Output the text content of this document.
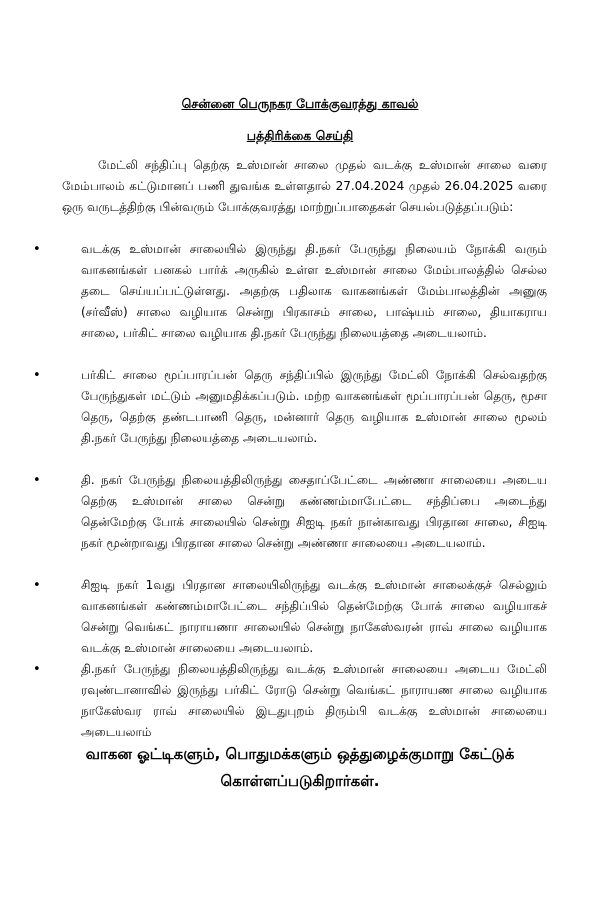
சென்னை பெருநகர போக்குவரத்து காவல்
பத்திரிக்கை செய்தி

மேட்லி சந்திப்பு தெற்கு உஸ்மான் சாலை முதல் வடக்கு உஸ்மான் சாலை வரை மேம்பாலம் கட்டுமானப் பணி துவங்க உள்ளதால் 27.04.2024 முதல் 26.04.2025 வரை ஒரு வருடத்திற்கு பின்வரும் போக்குவரத்து மாற்றுப்பாதைகள் செயல்படுத்தப்படும்:

•	வடக்கு உஸ்மான் சாலையில் இருந்து தி.நகர் பேருந்து நிலையம் நோக்கி வரும் வாகனங்கள் பனகல் பார்க் அருகில் உள்ள உஸ்மான் சாலை மேம்பாலத்தில் செல்ல தடை செய்யப்பட்டுள்ளது. அதற்கு பதிலாக வாகனங்கள் மேம்பாலத்தின் அனுகு (சர்வீஸ்) சாலை வழியாக சென்று பிரகாசம் சாலை, பாஷ்யம் சாலை, தியாகராய சாலை, பர்கிட் சாலை வழியாக தி.நகர் பேருந்து நிலையத்தை அடையலாம்.
•	பர்கிட் சாலை மூப்பாரப்பன் தெரு சந்திப்பில் இருந்து மேட்லி நோக்கி செல்வதற்கு பேருந்துகள் மட்டும் அனுமதிக்கப்படும். மற்ற வாகனங்கள் மூப்பாரப்பன் தெரு, மூசா தெரு, தெற்கு தண்டபாணி தெரு, மன்னார் தெரு வழியாக உஸ்மான் சாலை மூலம் தி.நகர் பேருந்து நிலையத்தை அடையலாம்.
•	தி. நகர் பேருந்து நிலையத்திலிருந்து சைதாப்பேட்டை அண்ணா சாலையை அடைய தெற்கு உஸ்மான் சாலை சென்று கண்ணம்மாபேட்டை சந்திப்பை அடைந்து தென்மேற்கு போக் சாலையில் சென்று சிஐடி நகர் நான்காவது பிரதான சாலை, சிஐடி நகர் மூன்றாவது பிரதான சாலை சென்று அண்ணா சாலையை அடையலாம்.
•	சிஐடி நகர் 1வது பிரதான சாலையிலிருந்து வடக்கு உஸ்மான் சாலைக்குச் செல்லும் வாகனங்கள் கண்ணம்மாபேட்டை சந்திப்பில் தென்மேற்கு போக் சாலை வழியாகச் சென்று வெங்கட் நாராயணா சாலையில் சென்று நாகேஸ்வரன் ராவ் சாலை வழியாக வடக்கு உஸ்மான் சாலையை அடையலாம்.
•	தி.நகர் பேருந்து நிலையத்திலிருந்து வடக்கு உஸ்மான் சாலையை அடைய மேட்லி ரவுண்டானாவில் இருந்து பர்கிட் ரோடு சென்று வெங்கட் நாராயண சாலை வழியாக நாகேஸ்வர ராவ் சாலையில் இடதுபுறம் திரும்பி வடக்கு உஸ்மான் சாலையை அடையலாம்

வாகன ஓட்டிகளும், பொதுமக்களும் ஒத்துழைக்குமாறு கேட்டுக் கொள்ளப்படுகிறார்கள்.
